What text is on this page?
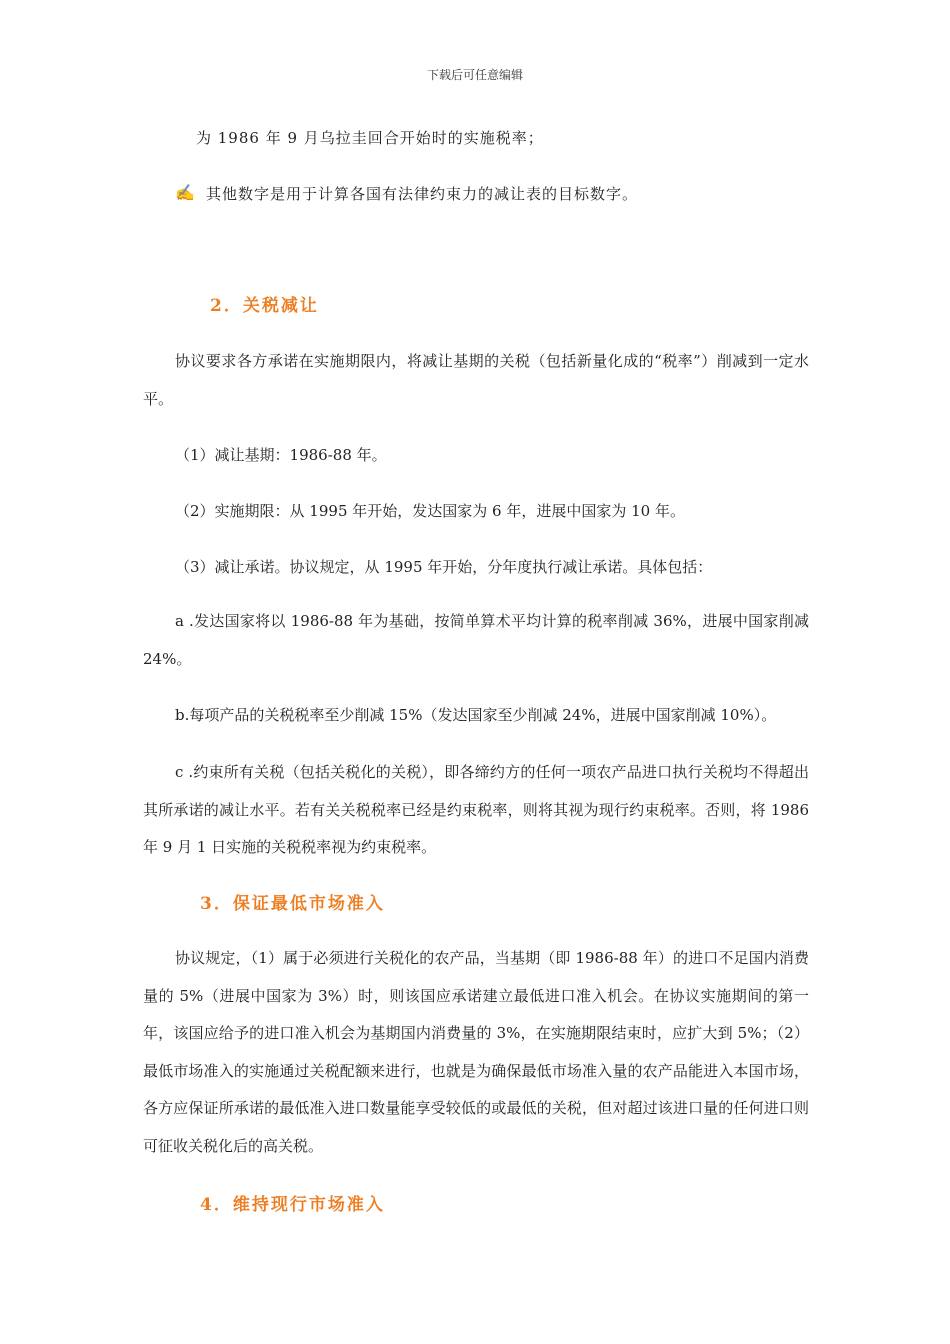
下载后可任意编辑
为 1986 年 9 月乌拉圭回合开始时的实施税率；
✍ 其他数字是用于计算各国有法律约束力的减让表的目标数字。
2．关税减让
协议要求各方承诺在实施期限内，将减让基期的关税（包括新量化成的“税率”）削减到一定水平。
（1）减让基期：1986-88 年。
（2）实施期限：从 1995 年开始，发达国家为 6 年，进展中国家为 10 年。
（3）减让承诺。协议规定，从 1995 年开始，分年度执行减让承诺。具体包括：
a .发达国家将以 1986-88 年为基础，按简单算术平均计算的税率削减 36%，进展中国家削减 24%。
b.每项产品的关税税率至少削减 15%（发达国家至少削减 24%，进展中国家削减 10%）。
c .约束所有关税（包括关税化的关税），即各缔约方的任何一项农产品进口执行关税均不得超出其所承诺的减让水平。若有关关税税率已经是约束税率，则将其视为现行约束税率。否则，将 1986 年 9 月 1 日实施的关税税率视为约束税率。
3．保证最低市场准入
协议规定，（1）属于必须进行关税化的农产品，当基期（即 1986-88 年）的进口不足国内消费量的 5%（进展中国家为 3%）时，则该国应承诺建立最低进口准入机会。在协议实施期间的第一年，该国应给予的进口准入机会为基期国内消费量的 3%，在实施期限结束时，应扩大到 5%；（2）最低市场准入的实施通过关税配额来进行，也就是为确保最低市场准入量的农产品能进入本国市场，各方应保证所承诺的最低准入进口数量能享受较低的或最低的关税，但对超过该进口量的任何进口则可征收关税化后的高关税。
4．维持现行市场准入
